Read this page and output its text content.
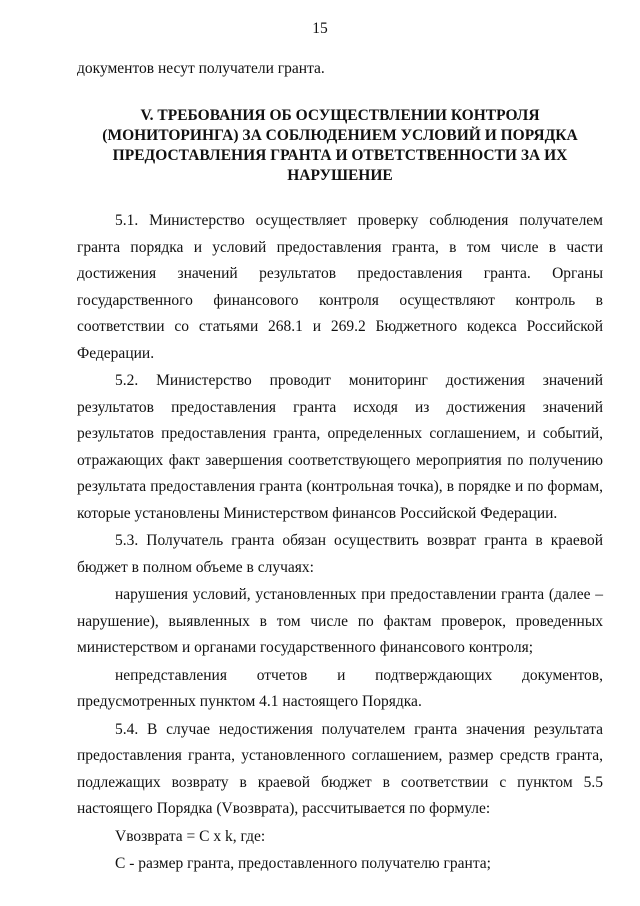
15

документов несут получатели гранта.

V. ТРЕБОВАНИЯ ОБ ОСУЩЕСТВЛЕНИИ КОНТРОЛЯ
(МОНИТОРИНГА) ЗА СОБЛЮДЕНИЕМ УСЛОВИЙ И ПОРЯДКА
ПРЕДОСТАВЛЕНИЯ ГРАНТА И ОТВЕТСТВЕННОСТИ ЗА ИХ
НАРУШЕНИЕ

5.1. Министерство осуществляет проверку соблюдения получателем гранта порядка и условий предоставления гранта, в том числе в части достижения значений результатов предоставления гранта. Органы государственного финансового контроля осуществляют контроль в соответствии со статьями 268.1 и 269.2 Бюджетного кодекса Российской Федерации.

5.2. Министерство проводит мониторинг достижения значений результатов предоставления гранта исходя из достижения значений результатов предоставления гранта, определенных соглашением, и событий, отражающих факт завершения соответствующего мероприятия по получению результата предоставления гранта (контрольная точка), в порядке и по формам, которые установлены Министерством финансов Российской Федерации.

5.3. Получатель гранта обязан осуществить возврат гранта в краевой бюджет в полном объеме в случаях:

нарушения условий, установленных при предоставлении гранта (далее – нарушение), выявленных в том числе по фактам проверок, проведенных министерством и органами государственного финансового контроля;

непредставления отчетов и подтверждающих документов, предусмотренных пунктом 4.1 настоящего Порядка.

5.4. В случае недостижения получателем гранта значения результата предоставления гранта, установленного соглашением, размер средств гранта, подлежащих возврату в краевой бюджет в соответствии с пунктом 5.5 настоящего Порядка (Vвозврата), рассчитывается по формуле:

Vвозврата = C x k, где:

C - размер гранта, предоставленного получателю гранта;
